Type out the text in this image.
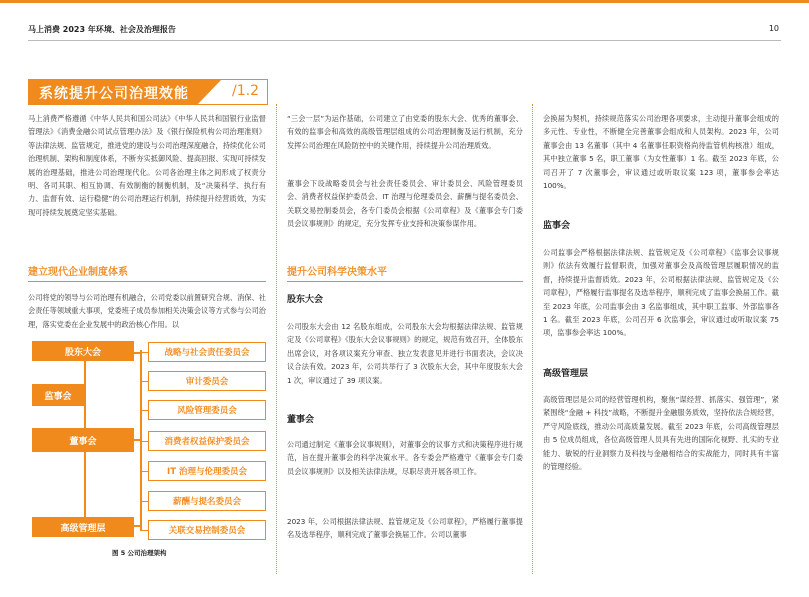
马上消费 2023 年环境、社会及治理报告	10
系统提升公司治理效能	/1.2
马上消费严格遵循《中华人民共和国公司法》《中华人民共和国银行业监督管理法》《消费金融公司试点管理办法》及《银行保险机构公司治理准则》等法律法规、监管规定，推进党的建设与公司治理深度融合，持续优化公司治理机制、架构和制度体系，不断夯实抵御风险、提高回报、实现可持续发展的治理基础，推进公司治理现代化。公司各治理主体之间形成了权责分明、各司其职、相互协调、有效制衡的制衡机制，及“决策科学、执行有力、监督有效、运行稳健”的公司治理运行机制，持续提升经营质效，为实现可持续发展奠定坚实基础。
建立现代企业制度体系
公司将党的领导与公司治理有机融合，公司党委以前置研究合规、消保、社会责任等领域重大事项，党委班子成员参加相关决策会议等方式参与公司治理，落实党委在企业发展中的政治核心作用。以
股东大会
监事会
董事会
高级管理层
战略与社会责任委员会
审计委员会
风险管理委员会
消费者权益保护委员会
IT 治理与伦理委员会
薪酬与提名委员会
关联交易控制委员会
图 5 公司治理架构
“三会一层”为运作基础，公司建立了由党委的股东大会、优秀的董事会、有效的监事会和高效的高级管理层组成的公司治理制衡及运行机制，充分发挥公司治理在风险防控中的关键作用，持续提升公司治理质效。
董事会下设战略委员会与社会责任委员会、审计委员会、风险管理委员会、消费者权益保护委员会、IT 治理与伦理委员会、薪酬与提名委员会、关联交易控制委员会，各专门委员会根据《公司章程》及《董事会专门委员会议事规则》的规定，充分发挥专业支持和决策参谋作用。
提升公司科学决策水平
股东大会
公司股东大会由 12 名股东组成，公司股东大会均根据法律法规、监管规定及《公司章程》《股东大会议事规则》的规定，规范有效召开，全体股东出席会议，对各项议案充分审查、独立发表意见并进行书面表决，会议决议合法有效。2023 年，公司共举行了 3 次股东大会，其中年度股东大会 1 次，审议通过了 39 项议案。
董事会
公司通过制定《董事会议事规则》，对董事会的议事方式和决策程序进行规范，旨在提升董事会的科学决策水平。各专委会严格遵守《董事会专门委员会议事规则》以及相关法律法规，尽职尽责开展各项工作。
2023 年，公司根据法律法规、监管规定及《公司章程》，严格履行董事提名及选举程序，顺利完成了董事会换届工作。公司以董事
会换届为契机，持续规范落实公司治理各项要求，主动提升董事会组成的多元性、专业性，不断健全完善董事会组成和人员架构。2023 年，公司董事会由 13 名董事（其中 4 名董事任职资格尚待监管机构核准）组成，其中独立董事 5 名，职工董事（为女性董事）1 名。截至 2023 年底，公司召开了 7 次董事会，审议通过或听取议案 123 项，董事参会率达 100%。
监事会
公司监事会严格根据法律法规、监管规定及《公司章程》《监事会议事规则》依法有效履行监督职责，加强对董事会及高级管理层履职情况的监督，持续提升监督质效。2023 年，公司根据法律法规、监管规定及《公司章程》，严格履行监事提名及选举程序，顺利完成了监事会换届工作。截至 2023 年底，公司监事会由 3 名监事组成，其中职工监事、外部监事各 1 名。截至 2023 年底，公司召开 6 次监事会，审议通过或听取议案 75 项，监事参会率达 100%。
高级管理层
高级管理层是公司的经营管理机构，聚焦“谋经营、抓落实、强管理”，紧紧围绕“金融 + 科技”战略，不断提升金融服务质效，坚持依法合规经营，严守风险底线，推动公司高质量发展。截至 2023 年底，公司高级管理层由 5 位成员组成，各位高级管理人员具有先进的国际化视野、扎实的专业能力、敏锐的行业洞察力及科技与金融相结合的实战能力，同时具有丰富的管理经验。
